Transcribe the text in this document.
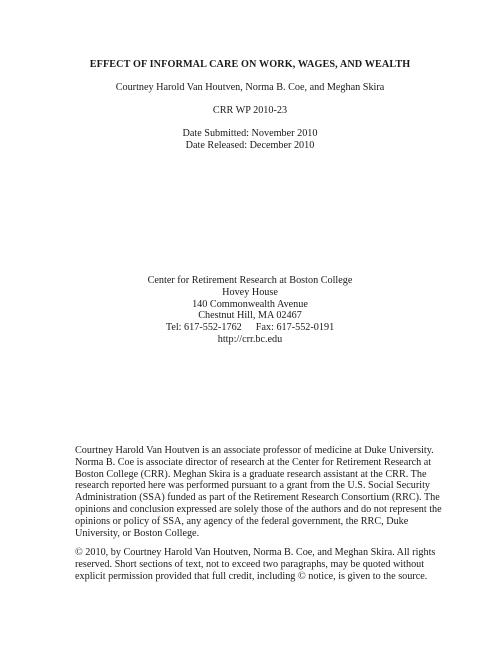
EFFECT OF INFORMAL CARE ON WORK, WAGES, AND WEALTH
Courtney Harold Van Houtven, Norma B. Coe, and Meghan Skira
CRR WP 2010-23
Date Submitted: November 2010
Date Released: December 2010
Center for Retirement Research at Boston College
Hovey House
140 Commonwealth Avenue
Chestnut Hill, MA 02467
Tel: 617-552-1762 Fax: 617-552-0191
http://crr.bc.edu
Courtney Harold Van Houtven is an associate professor of medicine at Duke University.
Norma B. Coe is associate director of research at the Center for Retirement Research at
Boston College (CRR). Meghan Skira is a graduate research assistant at the CRR. The
research reported here was performed pursuant to a grant from the U.S. Social Security
Administration (SSA) funded as part of the Retirement Research Consortium (RRC). The
opinions and conclusion expressed are solely those of the authors and do not represent the
opinions or policy of SSA, any agency of the federal government, the RRC, Duke
University, or Boston College.
© 2010, by Courtney Harold Van Houtven, Norma B. Coe, and Meghan Skira. All rights
reserved. Short sections of text, not to exceed two paragraphs, may be quoted without
explicit permission provided that full credit, including © notice, is given to the source.
